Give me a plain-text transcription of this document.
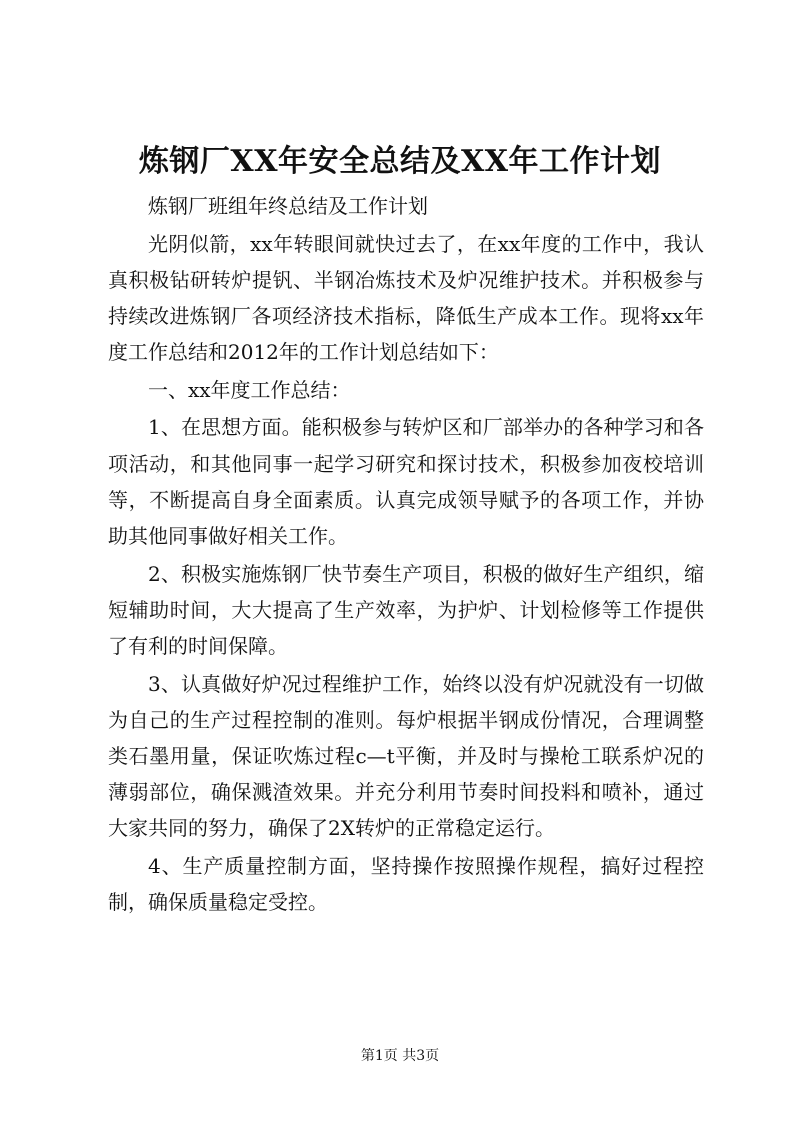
炼钢厂XX年安全总结及XX年工作计划

炼钢厂班组年终总结及工作计划

光阴似箭，xx年转眼间就快过去了，在xx年度的工作中，我认真积极钻研转炉提钒、半钢冶炼技术及炉况维护技术。并积极参与持续改进炼钢厂各项经济技术指标，降低生产成本工作。现将xx年度工作总结和2012年的工作计划总结如下：

一、xx年度工作总结：

1、在思想方面。能积极参与转炉区和厂部举办的各种学习和各项活动，和其他同事一起学习研究和探讨技术，积极参加夜校培训等，不断提高自身全面素质。认真完成领导赋予的各项工作，并协助其他同事做好相关工作。

2、积极实施炼钢厂快节奏生产项目，积极的做好生产组织，缩短辅助时间，大大提高了生产效率，为护炉、计划检修等工作提供了有利的时间保障。

3、认真做好炉况过程维护工作，始终以没有炉况就没有一切做为自己的生产过程控制的准则。每炉根据半钢成份情况，合理调整类石墨用量，保证吹炼过程c—t平衡，并及时与操枪工联系炉况的薄弱部位，确保溅渣效果。并充分利用节奏时间投料和喷补，通过大家共同的努力，确保了2X转炉的正常稳定运行。

4、生产质量控制方面，坚持操作按照操作规程，搞好过程控制，确保质量稳定受控。

第1页 共3页
